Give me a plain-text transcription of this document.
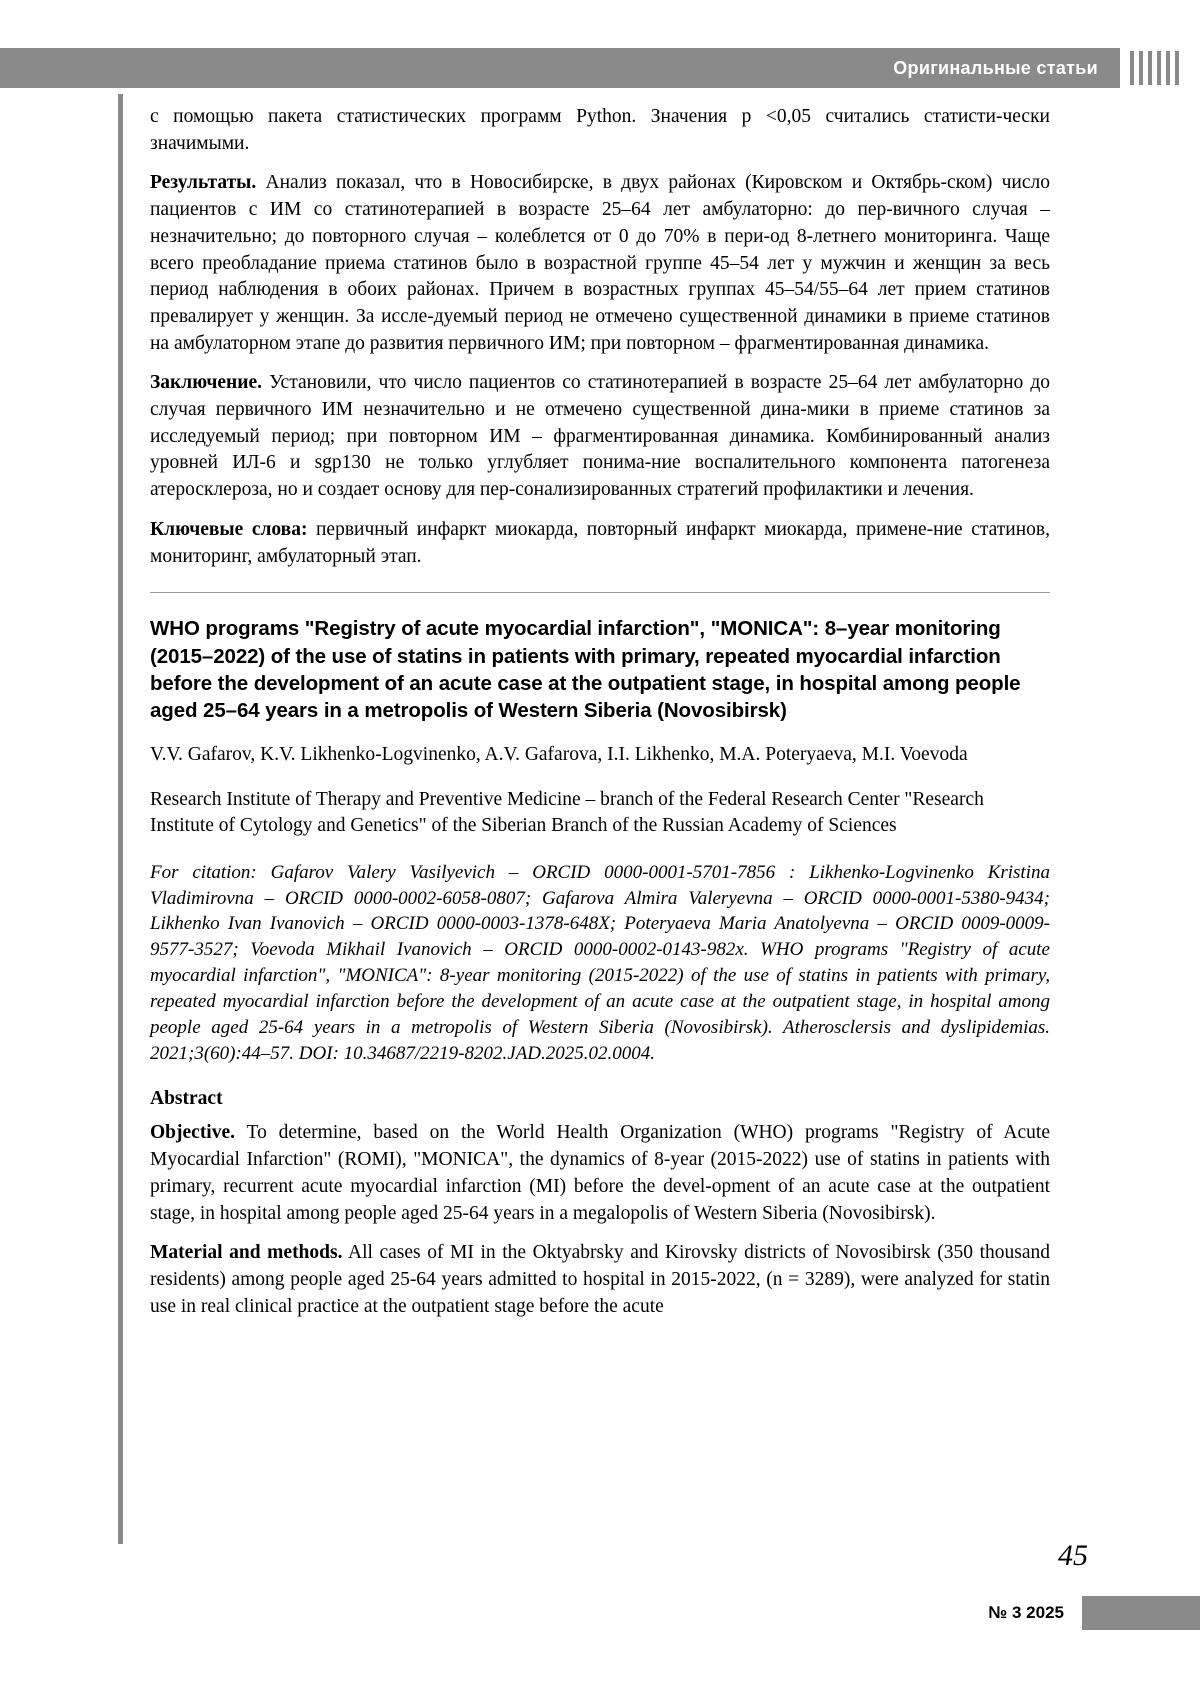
Оригинальные статьи

с помощью пакета статистических программ Python. Значения p <0,05 считались статисти-чески значимыми.

Результаты. Анализ показал, что в Новосибирске, в двух районах (Кировском и Октябрь-ском) число пациентов с ИМ со статинотерапией в возрасте 25–64 лет амбулаторно: до пер-вичного случая – незначительно; до повторного случая – колеблется от 0 до 70% в пери-од 8-летнего мониторинга. Чаще всего преобладание приема статинов было в возрастной группе 45–54 лет у мужчин и женщин за весь период наблюдения в обоих районах. Причем в возрастных группах 45–54/55–64 лет прием статинов превалирует у женщин. За иссле-дуемый период не отмечено существенной динамики в приеме статинов на амбулаторном этапе до развития первичного ИМ; при повторном – фрагментированная динамика.

Заключение. Установили, что число пациентов со статинотерапией в возрасте 25–64 лет амбулаторно до случая первичного ИМ незначительно и не отмечено существенной дина-мики в приеме статинов за исследуемый период; при повторном ИМ – фрагментированная динамика. Комбинированный анализ уровней ИЛ-6 и sgp130 не только углубляет понима-ние воспалительного компонента патогенеза атеросклероза, но и создает основу для пер-сонализированных стратегий профилактики и лечения.

Ключевые слова: первичный инфаркт миокарда, повторный инфаркт миокарда, примене-ние статинов, мониторинг, амбулаторный этап.

WHO programs "Registry of acute myocardial infarction", "MONICA": 8–year monitoring (2015–2022) of the use of statins in patients with primary, repeated myocardial infarction before the development of an acute case at the outpatient stage, in hospital among people aged 25–64 years in a metropolis of Western Siberia (Novosibirsk)
V.V. Gafarov, K.V. Likhenko-Logvinenko, A.V. Gafarova, I.I. Likhenko, M.A. Poteryaeva, M.I. Voevoda
Research Institute of Therapy and Preventive Medicine – branch of the Federal Research Center "Research Institute of Cytology and Genetics" of the Siberian Branch of the Russian Academy of Sciences
For citation: Gafarov Valery Vasilyevich – ORCID 0000-0001-5701-7856 : Likhenko-Logvinenko Kristina Vladimirovna – ORCID 0000-0002-6058-0807; Gafarova Almira Valeryevna – ORCID 0000-0001-5380-9434; Likhenko Ivan Ivanovich – ORCID 0000-0003-1378-648X; Poteryaeva Maria Anatolyevna – ORCID 0009-0009-9577-3527; Voevoda Mikhail Ivanovich – ORCID 0000-0002-0143-982x. WHO programs "Registry of acute myocardial infarction", "MONICA": 8-year monitoring (2015-2022) of the use of statins in patients with primary, repeated myocardial infarction before the development of an acute case at the outpatient stage, in hospital among people aged 25-64 years in a metropolis of Western Siberia (Novosibirsk). Atherosclersis and dyslipidemias. 2021;3(60):44–57. DOI: 10.34687/2219-8202.JAD.2025.02.0004.
Abstract

Objective. To determine, based on the World Health Organization (WHO) programs "Registry of Acute Myocardial Infarction" (ROMI), "MONICA", the dynamics of 8-year (2015-2022) use of statins in patients with primary, recurrent acute myocardial infarction (MI) before the devel-opment of an acute case at the outpatient stage, in hospital among people aged 25-64 years in a megalopolis of Western Siberia (Novosibirsk).

Material and methods. All cases of MI in the Oktyabrsky and Kirovsky districts of Novosibirsk (350 thousand residents) among people aged 25-64 years admitted to hospital in 2015-2022, (n = 3289), were analyzed for statin use in real clinical practice at the outpatient stage before the acute

45
№ 3 2025
